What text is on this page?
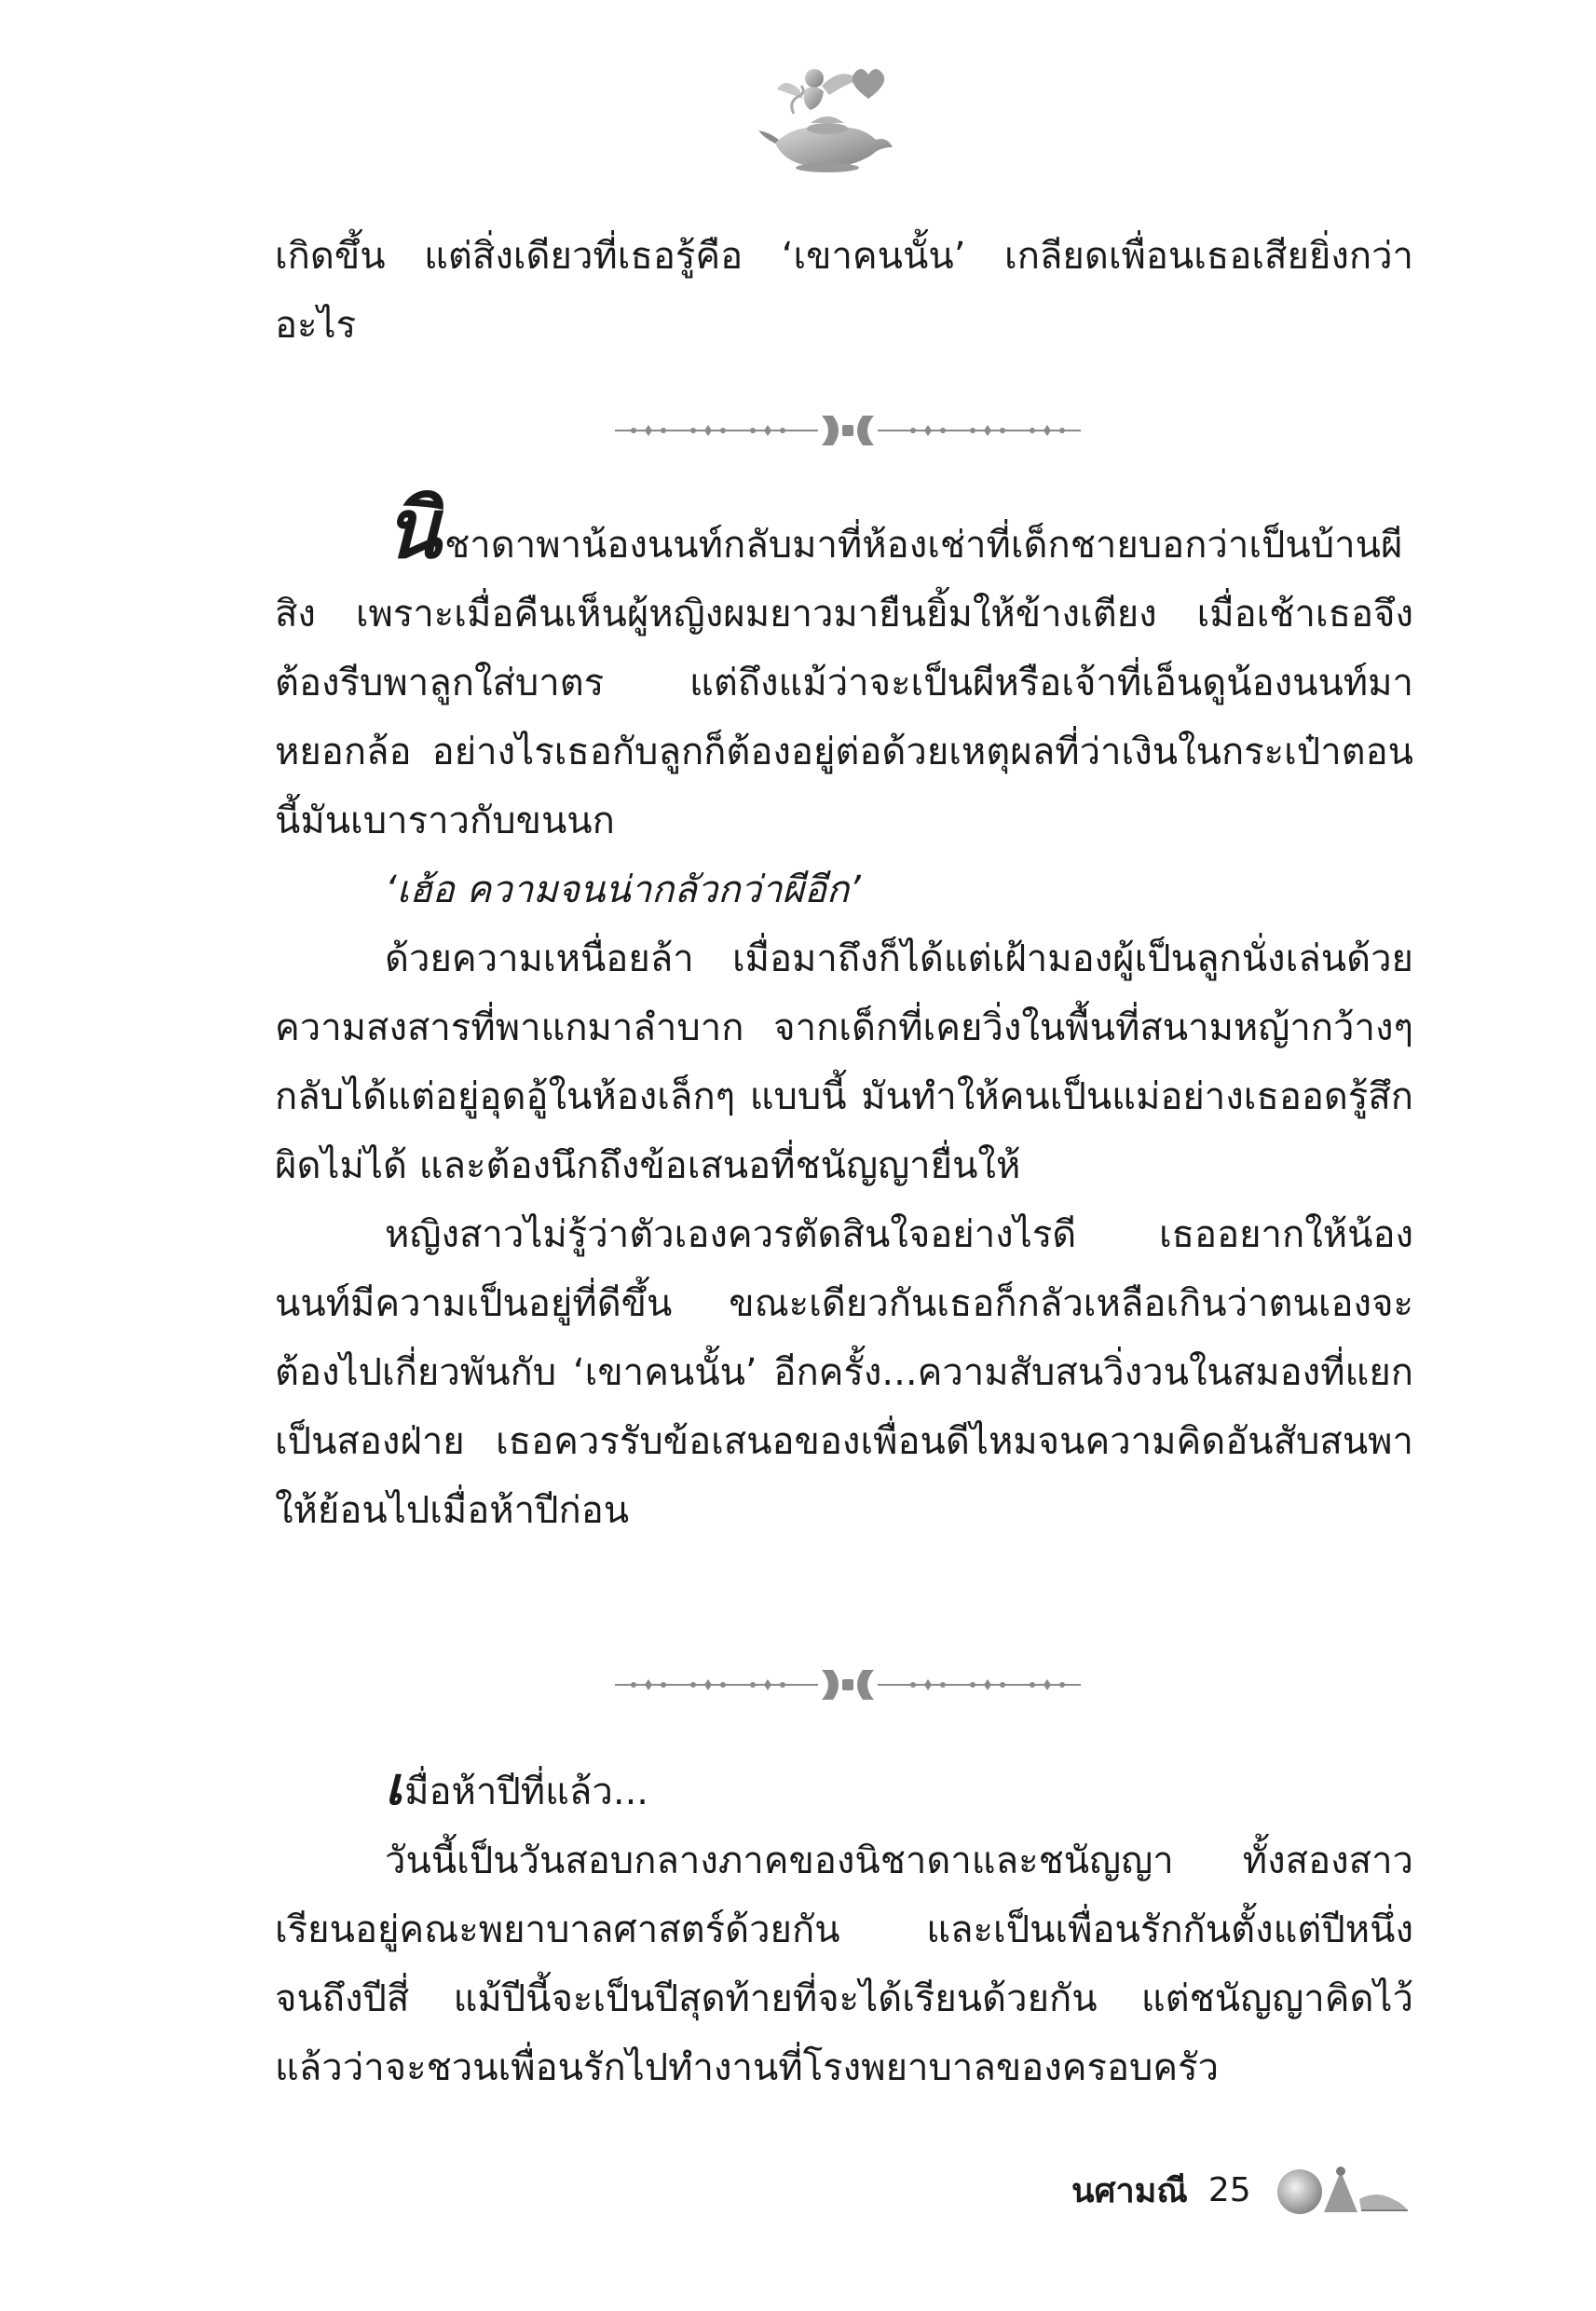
เกิดขึ้น แต่สิ่งเดียวที่เธอรู้คือ ‘เขาคนนั้น’ เกลียดเพื่อนเธอเสียยิ่งกว่าอะไร

นิชาดาพาน้องนนท์กลับมาที่ห้องเช่าที่เด็กชายบอกว่าเป็นบ้านผีสิง เพราะเมื่อคืนเห็นผู้หญิงผมยาวมายืนยิ้มให้ข้างเตียง เมื่อเช้าเธอจึงต้องรีบพาลูกใส่บาตร แต่ถึงแม้ว่าจะเป็นผีหรือเจ้าที่เอ็นดูน้องนนท์มาหยอกล้อ อย่างไรเธอกับลูกก็ต้องอยู่ต่อด้วยเหตุผลที่ว่าเงินในกระเป๋าตอนนี้มันเบาราวกับขนนก

‘เฮ้อ ความจนน่ากลัวกว่าผีอีก’

ด้วยความเหนื่อยล้า เมื่อมาถึงก็ได้แต่เฝ้ามองผู้เป็นลูกนั่งเล่นด้วยความสงสารที่พาแกมาลำบาก จากเด็กที่เคยวิ่งในพื้นที่สนามหญ้ากว้างๆ กลับได้แต่อยู่อุดอู้ในห้องเล็กๆ แบบนี้ มันทำให้คนเป็นแม่อย่างเธออดรู้สึกผิดไม่ได้ และต้องนึกถึงข้อเสนอที่ชนัญญายื่นให้

หญิงสาวไม่รู้ว่าตัวเองควรตัดสินใจอย่างไรดี เธออยากให้น้องนนท์มีความเป็นอยู่ที่ดีขึ้น ขณะเดียวกันเธอก็กลัวเหลือเกินว่าตนเองจะต้องไปเกี่ยวพันกับ ‘เขาคนนั้น’ อีกครั้ง...ความสับสนวิ่งวนในสมองที่แยกเป็นสองฝ่าย เธอควรรับข้อเสนอของเพื่อนดีไหมจนความคิดอันสับสนพาให้ย้อนไปเมื่อห้าปีก่อน

เมื่อห้าปีที่แล้ว...

วันนี้เป็นวันสอบกลางภาคของนิชาดาและชนัญญา ทั้งสองสาวเรียนอยู่คณะพยาบาลศาสตร์ด้วยกัน และเป็นเพื่อนรักกันตั้งแต่ปีหนึ่งจนถึงปีสี่ แม้ปีนี้จะเป็นปีสุดท้ายที่จะได้เรียนด้วยกัน แต่ชนัญญาคิดไว้แล้วว่าจะชวนเพื่อนรักไปทำงานที่โรงพยาบาลของครอบครัว

นศามณี 25
